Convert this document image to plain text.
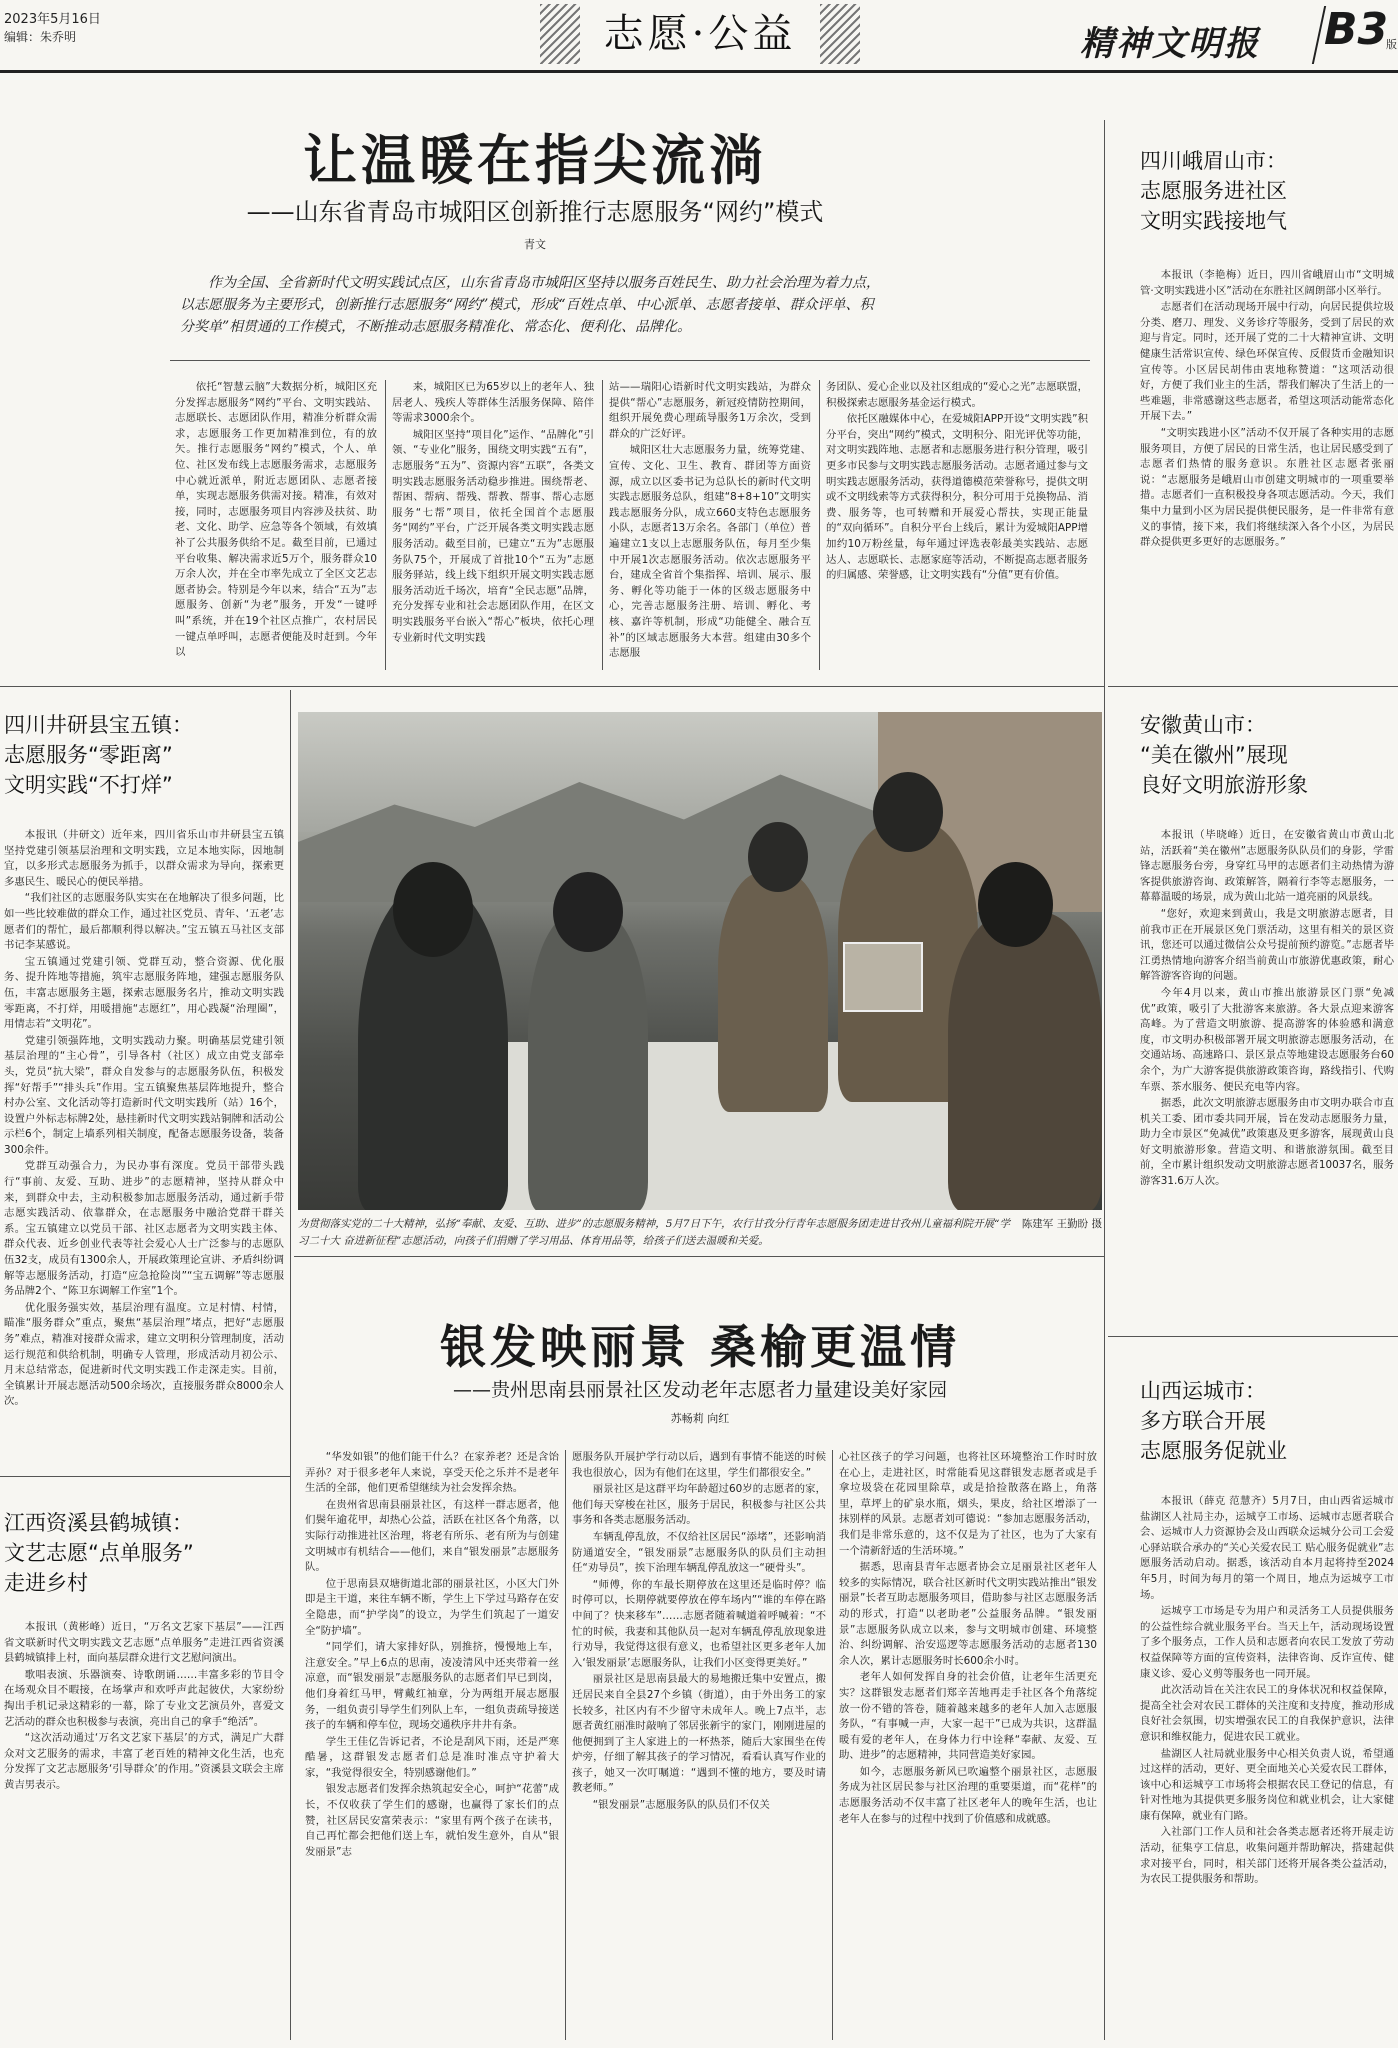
2023年5月16日
编辑：朱乔明	志愿·公益	精神文明报 B3
版
让温暖在指尖流淌
——山东省青岛市城阳区创新推行志愿服务“网约”模式
青文
作为全国、全省新时代文明实践试点区，山东省青岛市城阳区坚持以服务百姓民生、助力社会治理为着力点，以志愿服务为主要形式，创新推行志愿服务“网约”模式，形成“百姓点单、中心派单、志愿者接单、群众评单、积分奖单”相贯通的工作模式，不断推动志愿服务精准化、常态化、便利化、品牌化。

依托“智慧云脑”大数据分析，城阳区充分发挥志愿服务“网约”平台、文明实践站、志愿联长、志愿团队作用，精准分析群众需求，志愿服务工作更加精准到位，有的放矢。推行志愿服务“网约”模式，个人、单位、社区发布线上志愿服务需求，志愿服务中心就近派单，附近志愿团队、志愿者接单，实现志愿服务供需对接。精准，有效对接，同时，志愿服务项目内容涉及扶贫、助老、文化、助学、应急等各个领域，有效填补了公共服务供给不足。截至目前，已通过平台收集、解决需求近5万个，服务群众10万余人次，并在全市率先成立了全区文艺志愿者协会。特别是今年以来，结合“五为”志愿服务、创新“为老”服务，开发“一键呼叫”系统，并在19个社区点推广，农村居民一键点单呼叫，志愿者便能及时赶到。今年以

来，城阳区已为65岁以上的老年人、独居老人、残疾人等群体生活服务保障、陪伴等需求3000余个。

城阳区坚持“项目化”运作、“品牌化”引领、“专业化”服务，围绕文明实践“五有”，志愿服务“五为”、资源内容“五联”，各类文明实践志愿服务活动稳步推进。围绕帮老、帮困、帮病、帮残、帮教、帮事、帮心志愿服务“七帮”项目，依托全国首个志愿服务“网约”平台，广泛开展各类文明实践志愿服务活动。截至目前，已建立“五为”志愿服务队75个，开展成了首批10个“五为”志愿服务驿站，线上线下组织开展文明实践志愿服务活动近千场次，培育“全民志愿”品牌，充分发挥专业和社会志愿团队作用，在区文明实践服务平台嵌入“帮心”板块，依托心理专业新时代文明实践

站——瑞阳心语新时代文明实践站，为群众提供“帮心”志愿服务，新冠疫情防控期间，组织开展免费心理疏导服务1万余次，受到群众的广泛好评。

城阳区壮大志愿服务力量，统筹党建、宣传、文化、卫生、教育、群团等方面资源，成立以区委书记为总队长的新时代文明实践志愿服务总队，组建“8+8+10”文明实践志愿服务分队，成立660支特色志愿服务小队，志愿者13万余名。各部门（单位）普遍建立1支以上志愿服务队伍，每月至少集中开展1次志愿服务活动。依次志愿服务平台，建成全省首个集指挥、培训、展示、服务、孵化等功能于一体的区级志愿服务中心，完善志愿服务注册、培训、孵化、考核、嘉许等机制，形成“功能健全、融合互补”的区域志愿服务大本营。组建由30多个志愿服

务团队、爱心企业以及社区组成的“爱心之光”志愿联盟，积极探索志愿服务基金运行模式。

依托区融媒体中心，在爱城阳APP开设“文明实践”积分平台，突出“网约”模式，文明积分、阳光评优等功能，对文明实践阵地、志愿者和志愿服务进行积分管理，吸引更多市民参与文明实践志愿服务活动。志愿者通过参与文明实践志愿服务活动，获得道德模范荣誉称号，提供文明或不文明线索等方式获得积分，积分可用于兑换物品、消费、服务等，也可转赠和开展爱心帮扶，实现正能量的“双向循环”。自积分平台上线后，累计为爱城阳APP增加约10万粉丝量，每年通过评选表彰最美实践站、志愿达人、志愿联长、志愿家庭等活动，不断提高志愿者服务的归属感、荣誉感，让文明实践有“分值”更有价值。

四川峨眉山市：
志愿服务进社区
文明实践接地气

本报讯（李艳梅）近日，四川省峨眉山市“文明城管·文明实践进小区”活动在东胜社区阔朗部小区举行。

志愿者们在活动现场开展中行动，向居民提供垃圾分类、磨刀、理发、义务诊疗等服务，受到了居民的欢迎与肯定。同时，还开展了党的二十大精神宣讲、文明健康生活常识宣传、绿色环保宣传、反假货币金融知识宣传等。小区居民胡伟由衷地称赞道：“这项活动很好，方便了我们业主的生活，帮我们解决了生活上的一些难题，非常感谢这些志愿者，希望这项活动能常态化开展下去。”

“文明实践进小区”活动不仅开展了各种实用的志愿服务项目，方便了居民的日常生活，也让居民感受到了志愿者们热情的服务意识。东胜社区志愿者张丽说：“志愿服务是峨眉山市创建文明城市的一项重要举措。志愿者们一直积极投身各项志愿活动。今天，我们集中力量到小区为居民提供便民服务，是一件非常有意义的事情，接下来，我们将继续深入各个小区，为居民群众提供更多更好的志愿服务。”

四川井研县宝五镇：
志愿服务“零距离”
文明实践“不打烊”

本报讯（井研文）近年来，四川省乐山市井研县宝五镇坚持党建引领基层治理和文明实践，立足本地实际，因地制宜，以多形式志愿服务为抓手，以群众需求为导向，探索更多惠民生、暖民心的便民举措。

“我们社区的志愿服务队实实在在地解决了很多问题，比如一些比较难做的群众工作，通过社区党员、青年、‘五老’志愿者们的帮忙，最后都顺利得以解决。”宝五镇五马社区支部书记李某感说。

宝五镇通过党建引领、党群互动，整合资源、优化服务、提升阵地等措施，筑牢志愿服务阵地，建强志愿服务队伍，丰富志愿服务主题，探索志愿服务名片，推动文明实践零距离，不打烊，用暖措施“志愿红”，用心践凝“治理圈”，用情志若“文明花”。

党建引领强阵地，文明实践动力聚。明确基层党建引领基层治理的“主心骨”，引导各村（社区）成立由党支部牵头，党员“抗大梁”，群众自发参与的志愿服务队伍，积极发挥“好帮手”“排头兵”作用。宝五镇聚焦基层阵地提升，整合村办公室、文化活动等打造新时代文明实践所（站）16个，设置户外标志标牌2处，悬挂新时代文明实践站铜牌和活动公示栏6个，制定上墙系列相关制度，配备志愿服务设备，装备300余件。

党群互动强合力，为民办事有深度。党员干部带头践行“事前、友爱、互助、进步”的志愿精神，坚持从群众中来，到群众中去，主动积极参加志愿服务活动，通过新手带志愿实践活动、依靠群众，在志愿服务中融洽党群干群关系。宝五镇建立以党员干部、社区志愿者为文明实践主体、群众代表、近乡创业代表等社会爱心人士广泛参与的志愿队伍32支，成员有1300余人，开展政策理论宣讲、矛盾纠纷调解等志愿服务活动，打造“应急抢险岗”“宝五调解”等志愿服务品牌2个、“陈卫东调解工作室”1个。

优化服务强实效，基层治理有温度。立足村情、村情，瞄准“服务群众”重点，聚焦“基层治理”堵点，把好“志愿服务”难点，精准对接群众需求，建立文明积分管理制度，活动运行规范和供给机制，明确专人管理，形成活动月初公示、月末总结常态，促进新时代文明实践工作走深走实。目前，全镇累计开展志愿活动500余场次，直接服务群众8000余人次。

江西资溪县鹤城镇：
文艺志愿“点单服务”
走进乡村

本报讯（黄彬峰）近日，“万名文艺家下基层”——江西省文联新时代文明实践文艺志愿“点单服务”走进江西省资溪县鹤城镇排上村，面向基层群众进行文艺慰问演出。

歌唱表演、乐器演奏、诗歌朗诵……丰富多彩的节目令在场观众目不暇接，在场掌声和欢呼声此起彼伏，大家纷纷掏出手机记录这精彩的一幕，除了专业文艺演员外，喜爱文艺活动的群众也积极参与表演，亮出自己的拿手“绝活”。

“这次活动通过‘万名文艺家下基层’的方式，满足广大群众对文艺服务的需求，丰富了老百姓的精神文化生活，也充分发挥了文艺志愿服务‘引导群众’的作用。”资溪县文联会主席黄吉男表示。

安徽黄山市：
“美在徽州”展现
良好文明旅游形象

本报讯（毕晓峰）近日，在安徽省黄山市黄山北站，活跃着“美在徽州”志愿服务队队员们的身影，学雷锋志愿服务台旁，身穿红马甲的志愿者们主动热情为游客提供旅游咨询、政策解答，隔着行李等志愿服务，一幕幕温暖的场景，成为黄山北站一道亮丽的风景线。

“您好，欢迎来到黄山，我是文明旅游志愿者，目前我市正在开展景区免门票活动，这里有相关的景区资讯，您还可以通过微信公众号提前预约游览。”志愿者毕江勇热情地向游客介绍当前黄山市旅游优惠政策，耐心解答游客咨询的问题。

今年4月以来，黄山市推出旅游景区门票“免减优”政策，吸引了大批游客来旅游。各大景点迎来游客高峰。为了营造文明旅游、提高游客的体验感和满意度，市文明办积极部署开展文明旅游志愿服务活动，在交通站场、高速路口、景区景点等地建设志愿服务台60余个，为广大游客提供旅游政策咨询，路线指引、代购车票、茶水服务、便民充电等内容。

据悉，此次文明旅游志愿服务由市文明办联合市直机关工委、团市委共同开展，旨在发动志愿服务力量，助力全市景区“免减优”政策惠及更多游客，展现黄山良好文明旅游形象。营造文明、和谐旅游氛围。截至目前，全市累计组织发动文明旅游志愿者10037名，服务游客31.6万人次。

山西运城市：
多方联合开展
志愿服务促就业

本报讯（薛克 范慧齐）5月7日，由山西省运城市盐湖区人社局主办，运城亨工市场、运城市志愿者联合会、运城市人力资源协会及山西联众运城分公司工会爱心驿站联合承办的“关心关爱农民工 贴心服务促就业”志愿服务活动启动。据悉，该活动自本月起将持至2024年5月，时间为每月的第一个周日，地点为运城亨工市场。

运城亨工市场是专为用户和灵活务工人员提供服务的公益性综合就业服务平台。当天上午，活动现场设置了多个服务点，工作人员和志愿者向农民工发放了劳动权益保障等方面的宣传资料，法律咨询、反诈宣传、健康义诊、爱心义剪等服务也一同开展。

此次活动旨在关注农民工的身体状况和权益保障，提高全社会对农民工群体的关注度和支持度，推动形成良好社会氛围，切实增强农民工的自我保护意识，法律意识和维权能力，促进农民工就业。

盐湖区人社局就业服务中心相关负责人说，希望通过这样的活动，更好、更全面地关心关爱农民工群体，该中心和运城亨工市场将会根据农民工登记的信息，有针对性地为其提供更多服务岗位和就业机会，让大家健康有保障，就业有门路。

入社部门工作人员和社会各类志愿者还将开展走访活动，征集亨工信息，收集问题并帮助解决，搭建起供求对接平台，同时，相关部门还将开展各类公益活动，为农民工提供服务和帮助。

陈建军 王勤盼 摄
为贯彻落实党的二十大精神，弘扬“奉献、友爱、互助、进步”的志愿服务精神，5月7日下午，农行甘孜分行青年志愿服务团走进甘孜州儿童福利院开展“学习二十大 奋进新征程”志愿活动，向孩子们捐赠了学习用品、体育用品等，给孩子们送去温暖和关爱。
银发映丽景 桑榆更温情
——贵州思南县丽景社区发动老年志愿者力量建设美好家园
苏畅莉 向红

“华发如银”的他们能干什么？在家养老？还是含饴弄孙？对于很多老年人来说，享受天伦之乐并不是老年生活的全部，他们更希望继续为社会发挥余热。

在贵州省思南县丽景社区，有这样一群志愿者，他们鬓年逾花甲，却热心公益，活跃在社区各个角落，以实际行动推进社区治理，将老有所乐、老有所为与创建文明城市有机结合——他们，来自“银发丽景”志愿服务队。

位于思南县双塘街道北部的丽景社区，小区大门外即是主干道，来往车辆不断，学生上下学过马路存在安全隐患，而“护学岗”的设立，为学生们筑起了一道安全“防护墙”。

“同学们，请大家排好队，别推挤，慢慢地上车，注意安全。”早上6点的思南，凌凌清风中还夹带着一丝凉意，而“银发丽景”志愿服务队的志愿者们早已到岗，他们身着红马甲，臂戴红袖章，分为两组开展志愿服务，一组负责引导学生们列队上车，一组负责疏导接送孩子的车辆和停车位，现场交通秩序井井有条。

学生王佳亿告诉记者，不论是刮风下雨，还是严寒酷暑，这群银发志愿者们总是准时准点守护着大家，“我觉得很安全，特别感谢他们。”

银发志愿者们发挥余热筑起安全心，呵护“花蕾”成长，不仅收获了学生们的感谢，也赢得了家长们的点赞，社区居民安富荣表示：“家里有两个孩子在读书，自己再忙都会把他们送上车，就怕发生意外，自从“银发丽景”志

愿服务队开展护学行动以后，遇到有事情不能送的时候我也很放心，因为有他们在这里，学生们都很安全。”

丽景社区是这群平均年龄超过60岁的志愿者的家，他们每天穿梭在社区，服务于居民，积极参与社区公共事务和各类志愿服务活动。

车辆乱停乱放，不仅给社区居民“添堵”，还影响消防通道安全，“银发丽景”志愿服务队的队员们主动担任“劝导员”，挨下治理车辆乱停乱放这一“硬骨头”。

“师傅，你的车最长期停放在这里还是临时停？临时停可以，长期停就要停放在停车场内”“谁的车停在路中间了？快来移车”……志愿者随着喊道着呼喊着：“不忙的时候，我妻和其他队员一起对车辆乱停乱放现象进行劝导，我觉得这很有意义，也希望社区更多老年人加入‘银发丽景’志愿服务队，让我们小区变得更美好。”

丽景社区是思南县最大的易地搬迁集中安置点，搬迁居民来自全县27个乡镇（街道），由于外出务工的家长较多，社区内有不少留守未成年人。晚上7点半，志愿者黄红丽准时敲响了邻居张新宇的家门，刚刚进屋的他便拥到了主人家进上的一杯热茶，随后大家围坐在传炉旁，仔细了解其孩子的学习情况，看看认真写作业的孩子，她又一次叮嘱道：“遇到不懂的地方，要及时请教老师。”

“银发丽景”志愿服务队的队员们不仅关

心社区孩子的学习问题，也将社区环境整治工作时时放在心上，走进社区，时常能看见这群银发志愿者或是手拿垃圾袋在花园里除草，或是拾捡散落在路上，角落里，草坪上的矿泉水瓶，烟头，果皮，给社区增添了一抹别样的风景。志愿者刘可德说：“参加志愿服务活动，我们是非常乐意的，这不仅是为了社区，也为了大家有一个清新舒适的生活环境。”

据悉，思南县青年志愿者协会立足丽景社区老年人较多的实际情况，联合社区新时代文明实践站推出“银发丽景”长者互助志愿服务项目，借助参与社区志愿服务活动的形式，打造“以老助老”公益服务品牌。“银发丽景”志愿服务队成立以来，参与文明城市创建、环境整治、纠纷调解、治安巡逻等志愿服务活动的志愿者130余人次，累计志愿服务时长600余小时。

老年人如何发挥自身的社会价值，让老年生活更充实？这群银发志愿者们郑辛苦地再走手社区各个角落绽放一份不错的答卷，随着越来越多的老年人加入志愿服务队，“有事喊一声，大家一起干”已成为共识，这群温暖有爱的老年人，在身体力行中诠释“奉献、友爱、互助、进步”的志愿精神，共同营造美好家园。

如今，志愿服务新风已吹遍整个丽景社区，志愿服务成为社区居民参与社区治理的重要渠道，而“花样”的志愿服务活动不仅丰富了社区老年人的晚年生活，也让老年人在参与的过程中找到了价值感和成就感。
